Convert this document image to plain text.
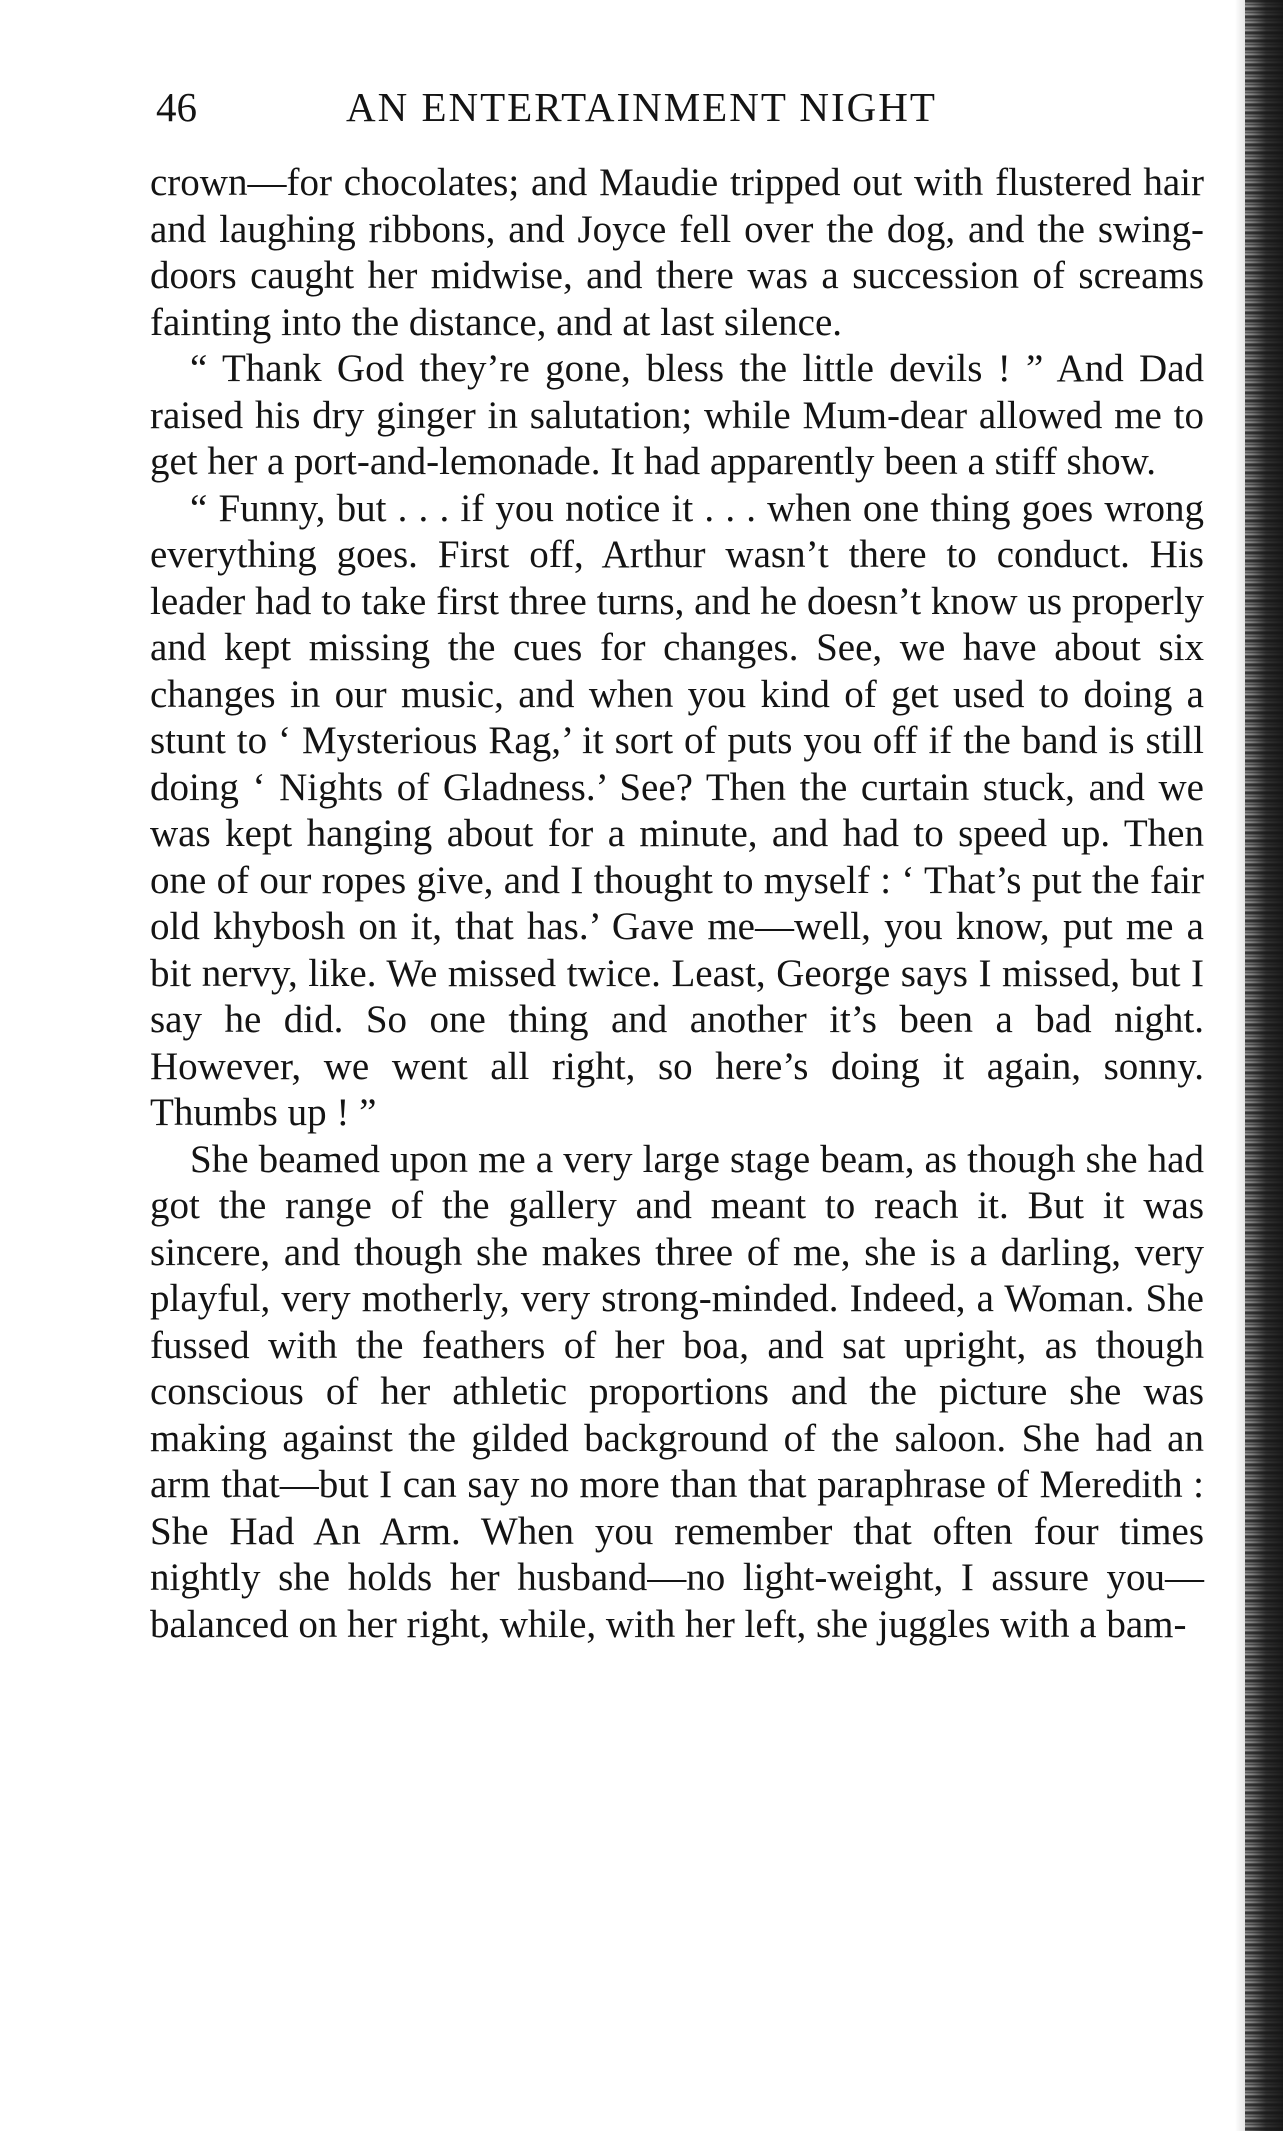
46	AN ENTERTAINMENT NIGHT

crown—for chocolates; and Maudie tripped out with flustered hair and laughing ribbons, and Joyce fell over the dog, and the swing-doors caught her midwise, and there was a succession of screams fainting into the distance, and at last silence.

“ Thank God they’re gone, bless the little devils ! ” And Dad raised his dry ginger in salutation; while Mum-dear allowed me to get her a port-and-lemonade. It had apparently been a stiff show.

“ Funny, but . . . if you notice it . . . when one thing goes wrong everything goes. First off, Arthur wasn’t there to conduct. His leader had to take first three turns, and he doesn’t know us properly and kept missing the cues for changes. See, we have about six changes in our music, and when you kind of get used to doing a stunt to ‘ Mysterious Rag,’ it sort of puts you off if the band is still doing ‘ Nights of Gladness.’ See? Then the curtain stuck, and we was kept hanging about for a minute, and had to speed up. Then one of our ropes give, and I thought to myself : ‘ That’s put the fair old khybosh on it, that has.’ Gave me—well, you know, put me a bit nervy, like. We missed twice. Least, George says I missed, but I say he did. So one thing and another it’s been a bad night. However, we went all right, so here’s doing it again, sonny. Thumbs up ! ”

She beamed upon me a very large stage beam, as though she had got the range of the gallery and meant to reach it. But it was sincere, and though she makes three of me, she is a darling, very playful, very motherly, very strong-minded. Indeed, a Woman. She fussed with the feathers of her boa, and sat upright, as though conscious of her athletic proportions and the picture she was making against the gilded background of the saloon. She had an arm that—but I can say no more than that paraphrase of Meredith : She Had An Arm. When you remember that often four times nightly she holds her husband—no light-weight, I assure you—balanced on her right, while, with her left, she juggles with a bam-
